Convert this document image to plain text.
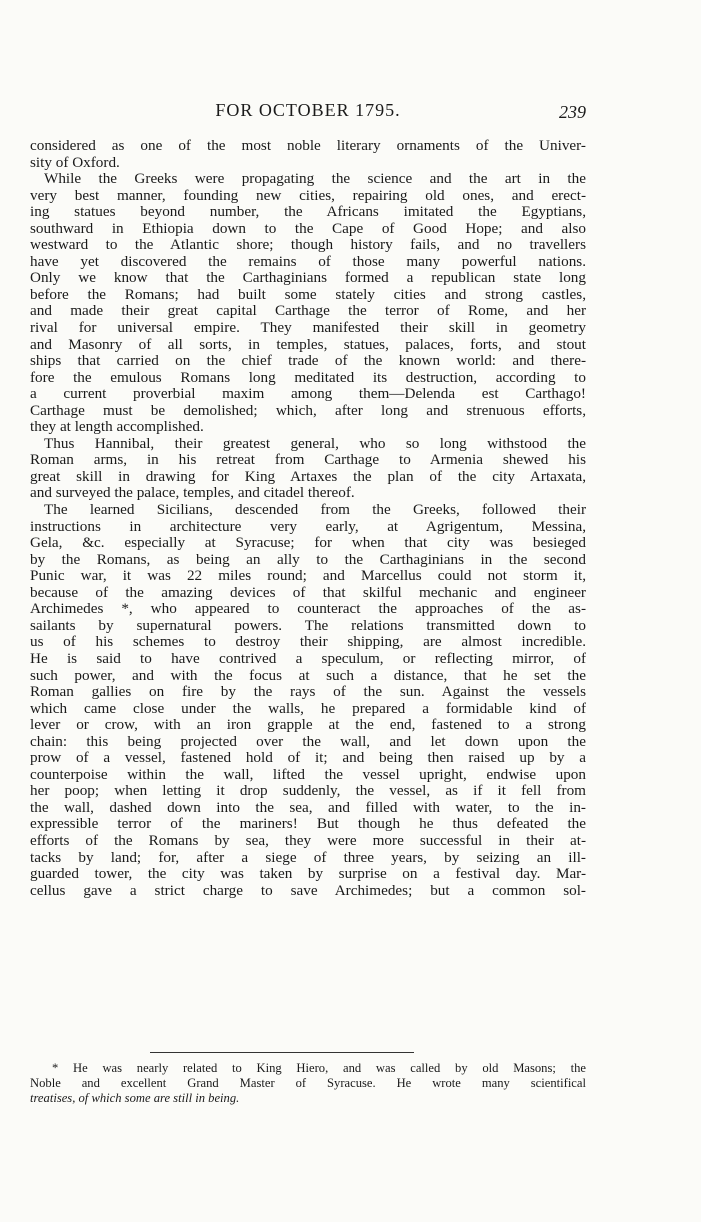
FOR OCTOBER 1795.	239
considered as one of the most noble literary ornaments of the Univer-
sity of Oxford.
While the Greeks were propagating the science and the art in the
very best manner, founding new cities, repairing old ones, and erect-
ing statues beyond number, the Africans imitated the Egyptians,
southward in Ethiopia down to the Cape of Good Hope; and also
westward to the Atlantic shore; though history fails, and no travellers
have yet discovered the remains of those many powerful nations.
Only we know that the Carthaginians formed a republican state long
before the Romans; had built some stately cities and strong castles,
and made their great capital Carthage the terror of Rome, and her
rival for universal empire. They manifested their skill in geometry
and Masonry of all sorts, in temples, statues, palaces, forts, and stout
ships that carried on the chief trade of the known world: and there-
fore the emulous Romans long meditated its destruction, according to
a current proverbial maxim among them—Delenda est Carthago!
Carthage must be demolished; which, after long and strenuous efforts,
they at length accomplished.
Thus Hannibal, their greatest general, who so long withstood the
Roman arms, in his retreat from Carthage to Armenia shewed his
great skill in drawing for King Artaxes the plan of the city Artaxata,
and surveyed the palace, temples, and citadel thereof.
The learned Sicilians, descended from the Greeks, followed their
instructions in architecture very early, at Agrigentum, Messina,
Gela, &c. especially at Syracuse; for when that city was besieged
by the Romans, as being an ally to the Carthaginians in the second
Punic war, it was 22 miles round; and Marcellus could not storm it,
because of the amazing devices of that skilful mechanic and engineer
Archimedes *, who appeared to counteract the approaches of the as-
sailants by supernatural powers. The relations transmitted down to
us of his schemes to destroy their shipping, are almost incredible.
He is said to have contrived a speculum, or reflecting mirror, of
such power, and with the focus at such a distance, that he set the
Roman gallies on fire by the rays of the sun. Against the vessels
which came close under the walls, he prepared a formidable kind of
lever or crow, with an iron grapple at the end, fastened to a strong
chain: this being projected over the wall, and let down upon the
prow of a vessel, fastened hold of it; and being then raised up by a
counterpoise within the wall, lifted the vessel upright, endwise upon
her poop; when letting it drop suddenly, the vessel, as if it fell from
the wall, dashed down into the sea, and filled with water, to the in-
expressible terror of the mariners! But though he thus defeated the
efforts of the Romans by sea, they were more successful in their at-
tacks by land; for, after a siege of three years, by seizing an ill-
guarded tower, the city was taken by surprise on a festival day. Mar-
cellus gave a strict charge to save Archimedes; but a common sol-
* He was nearly related to King Hiero, and was called by old Masons; the
Noble and excellent Grand Master of Syracuse. He wrote many scientifical
treatises, of which some are still in being.
